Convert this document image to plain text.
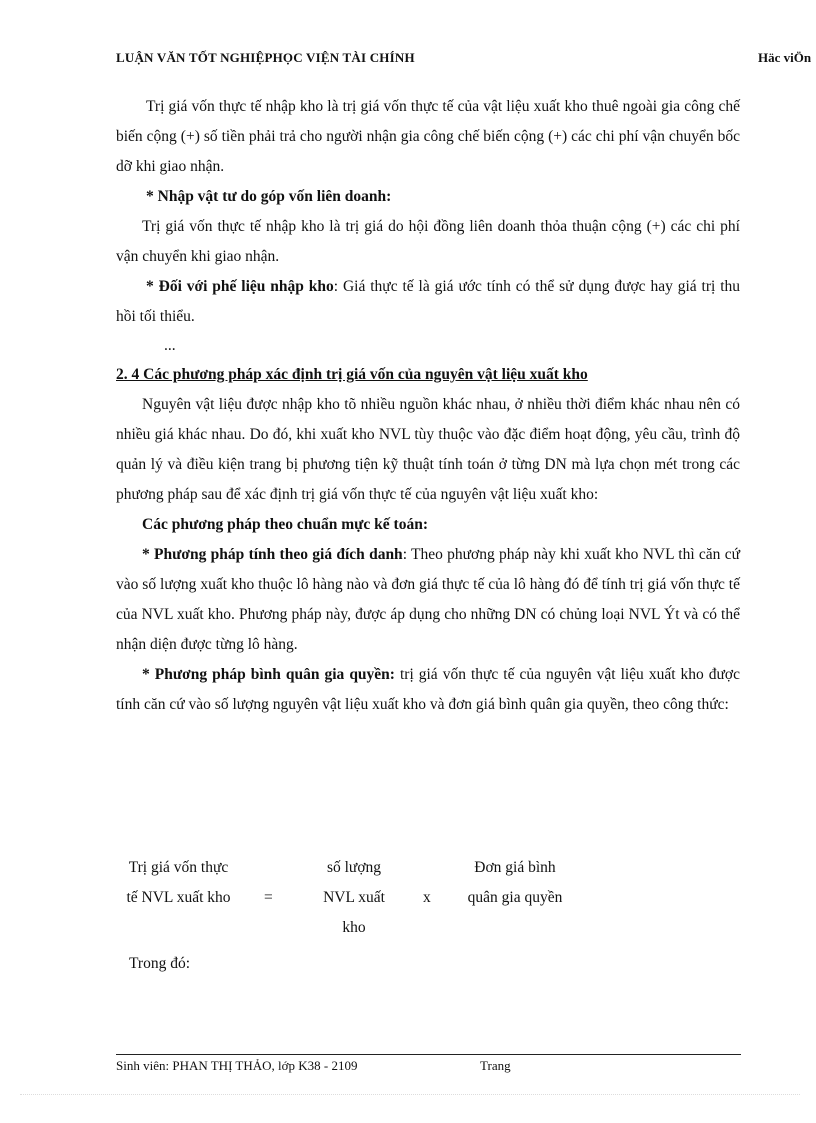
LUẬN VĂN TỐT NGHIỆPHỌC VIỆN TÀI CHÍNH	Häc viÖn

Trị giá vốn thực tế nhập kho là trị giá vốn thực tế của vật liệu xuất kho thuê ngoài gia công chế biến cộng (+) số tiền phải trả cho người nhận gia công chế biến cộng (+) các chi phí vận chuyển bốc dỡ khi giao nhận.

* Nhập vật tư do góp vốn liên doanh:

Trị giá vốn thực tế nhập kho là trị giá do hội đồng liên doanh thỏa thuận cộng (+) các chi phí vận chuyển khi giao nhận.

* Đối với phế liệu nhập kho: Giá thực tế là giá ước tính có thể sử dụng được hay giá trị thu hồi tối thiểu.

...

2. 4 Các phương pháp xác định trị giá vốn của nguyên vật liệu xuất kho

Nguyên vật liệu được nhập kho tõ nhiều nguồn khác nhau, ở nhiều thời điểm khác nhau nên có nhiều giá khác nhau. Do đó, khi xuất kho NVL tùy thuộc vào đặc điểm hoạt động, yêu cầu, trình độ quản lý và điều kiện trang bị phương tiện kỹ thuật tính toán ở từng DN mà lựa chọn mét trong các phương pháp sau để xác định trị giá vốn thực tế của nguyên vật liệu xuất kho:

Các phương pháp theo chuẩn mực kế toán:

* Phương pháp tính theo giá đích danh: Theo phương pháp này khi xuất kho NVL thì căn cứ vào số lượng xuất kho thuộc lô hàng nào và đơn giá thực tế của lô hàng đó để tính trị giá vốn thực tế của NVL xuất kho. Phương pháp này, được áp dụng cho những DN có chủng loại NVL Ýt và có thể nhận diện được từng lô hàng.

* Phương pháp bình quân gia quyền: trị giá vốn thực tế của nguyên vật liệu xuất kho được tính căn cứ vào số lượng nguyên vật liệu xuất kho và đơn giá bình quân gia quyền, theo công thức:

Trị giá vốn thực
tế NVL xuất kho	=
số lượng
NVL xuất
kho
x
Đơn giá bình
quân gia quyền
Trong đó:
Sinh viên: PHAN THỊ THẢO, lớp K38 - 2109	Trang
